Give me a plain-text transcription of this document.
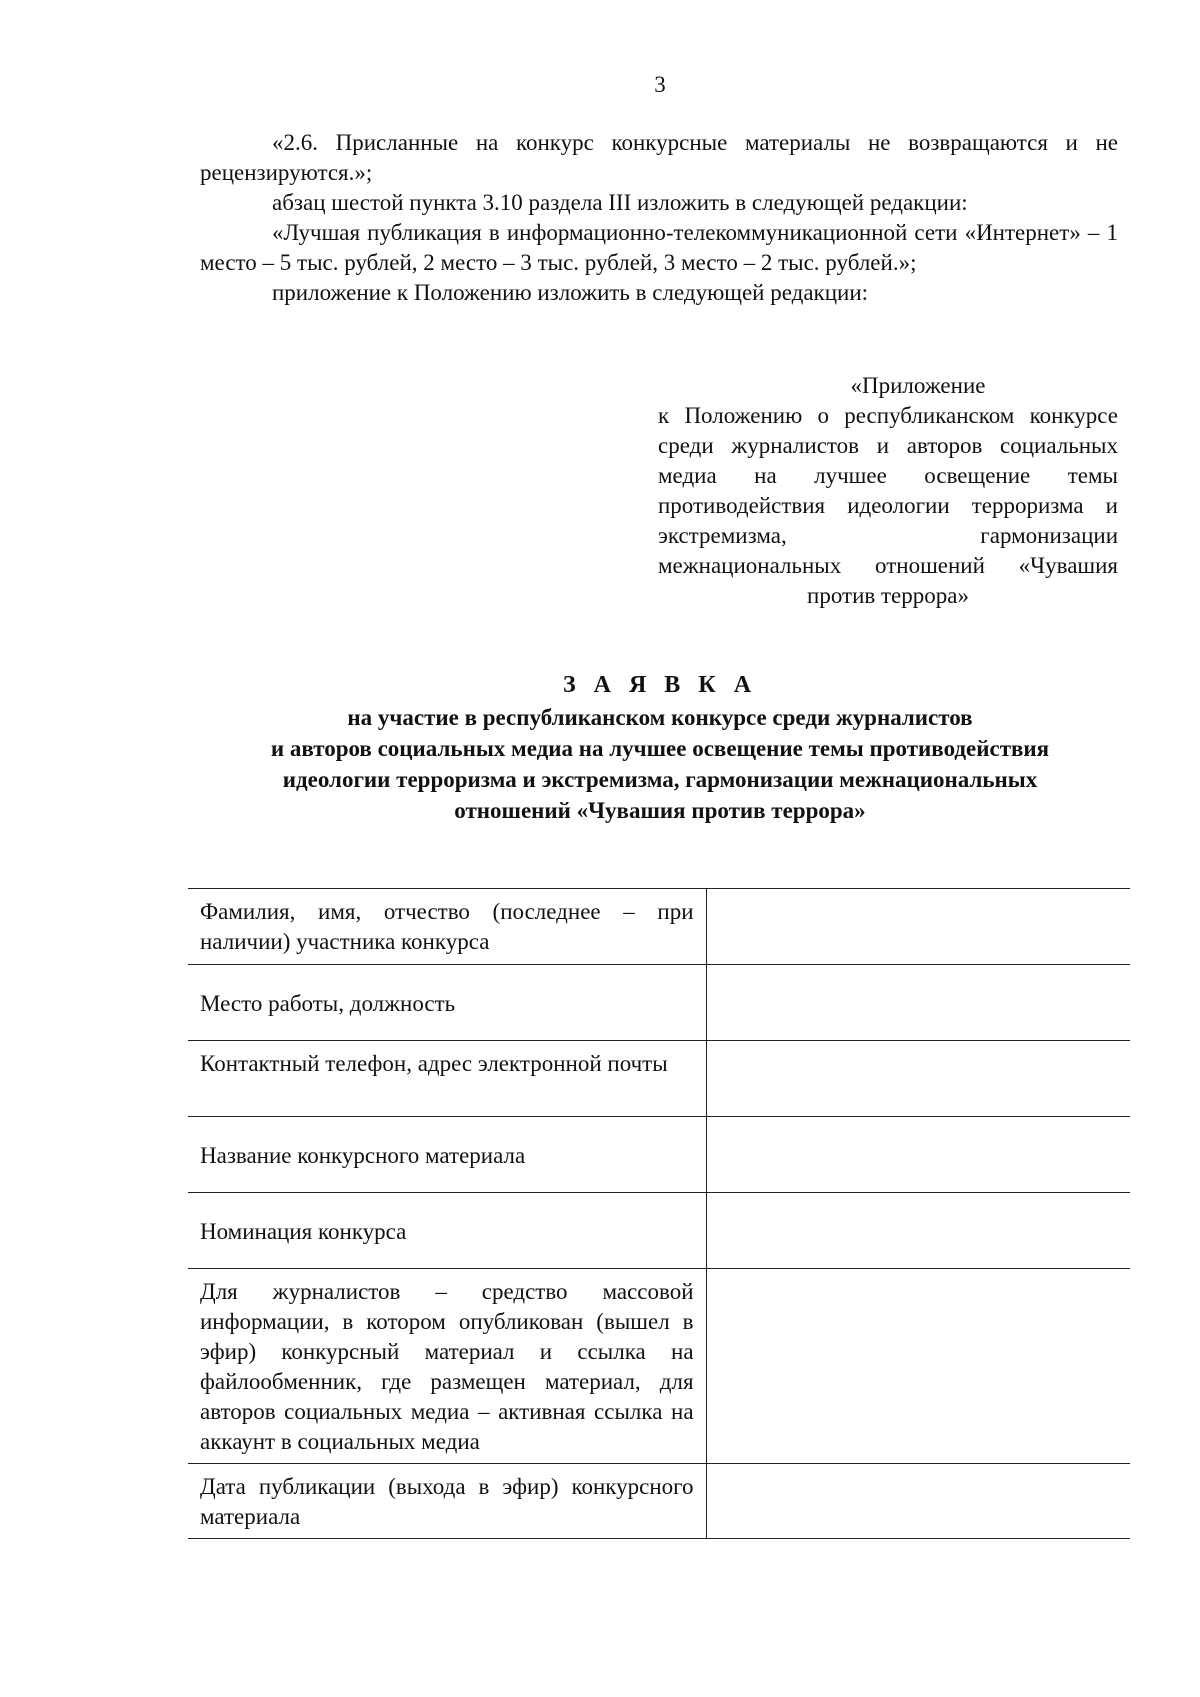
3

«2.6. Присланные на конкурс конкурсные материалы не возвращаются и не рецензируются.»;

абзац шестой пункта 3.10 раздела III изложить в следующей редакции:

«Лучшая публикация в информационно-телекоммуникационной сети «Интернет» – 1 место – 5 тыс. рублей, 2 место – 3 тыс. рублей, 3 место – 2 тыс. рублей.»;

приложение к Положению изложить в следующей редакции:

«Приложение
к Положению о республиканском конкурсе среди журналистов и авторов социальных медиа на лучшее освещение темы противодействия идеологии терроризма и экстремизма, гармонизации межнациональных отношений «Чувашия против террора»
З А Я В К А
на участие в республиканском конкурсе среди журналистов
и авторов социальных медиа на лучшее освещение темы противодействия
идеологии терроризма и экстремизма, гармонизации межнациональных
отношений «Чувашия против террора»
Фамилия, имя, отчество (последнее – при наличии) участника конкурса	
Место работы, должность	
Контактный телефон, адрес электронной почты	
Название конкурсного материала	
Номинация конкурса	
Для журналистов – средство массовой информации, в котором опубликован (вышел в эфир) конкурсный материал и ссылка на файлообменник, где размещен материал, для авторов социальных медиа – активная ссылка на аккаунт в социальных медиа	
Дата публикации (выхода в эфир) конкурсного материала	
